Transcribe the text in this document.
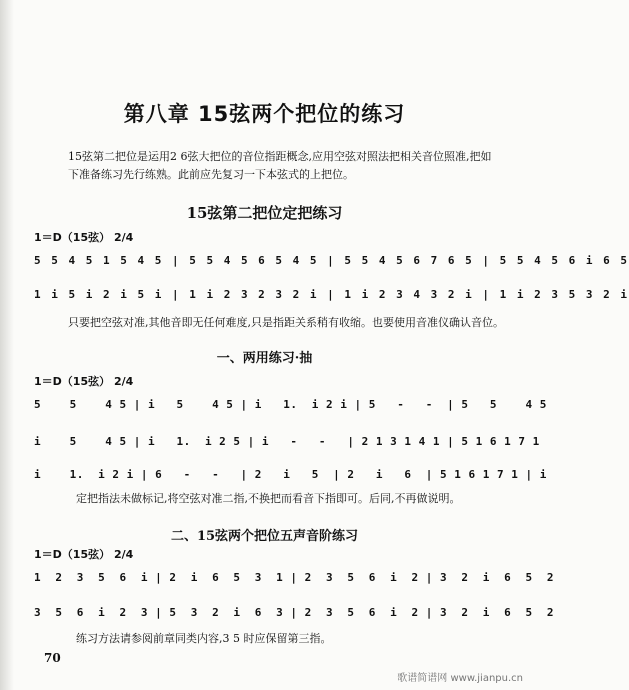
第八章 15弦两个把位的练习
15弦第二把位是运用2 6弦大把位的音位指距概念,应用空弦对照法把相关音位照准,把如下准备练习先行练熟。此前应先复习一下本弦式的上把位。
15弦第二把位定把练习
1＝D（15弦） 2/4
5 5 4 5 1 5 4 5 | 5 5 4 5 6 5 4 5 | 5 5 4 5 6 7 6 5 | 5 5 4 5 6 i 6 5
1 i 5 i 2 i 5 i | 1 i 2 3 2 3 2 i | 1 i 2 3 4 3 2 i | 1 i 2 3 5 3 2 i
只要把空弦对准,其他音即无任何难度,只是指距关系稍有收缩。也要使用音准仪确认音位。
一、两用练习·抽
1＝D（15弦） 2/4
5    5    4 5 | i   5    4 5 | i   1.  i 2 i | 5   -   -  | 5   5    4 5
i    5    4 5 | i   1.  i 2 5 | i   -   -   | 2 1 3 1 4 1 | 5 1 6 1 7 1
i    1.  i 2 i | 6   -   -   | 2   i   5  | 2   i   6  | 5 1 6 1 7 1 | i
定把指法未做标记,将空弦对准二指,不换把而看音下指即可。后同,不再做说明。
二、15弦两个把位五声音阶练习
1＝D（15弦） 2/4
1  2  3  5  6  i | 2  i  6  5  3  1 | 2  3  5  6  i  2 | 3  2  i  6  5  2
3  5  6  i  2  3 | 5  3  2  i  6  3 | 2  3  5  6  i  2 | 3  2  i  6  5  2
练习方法请参阅前章同类内容,3 5 时应保留第三指。
70
歌谱简谱网 www.jianpu.cn
